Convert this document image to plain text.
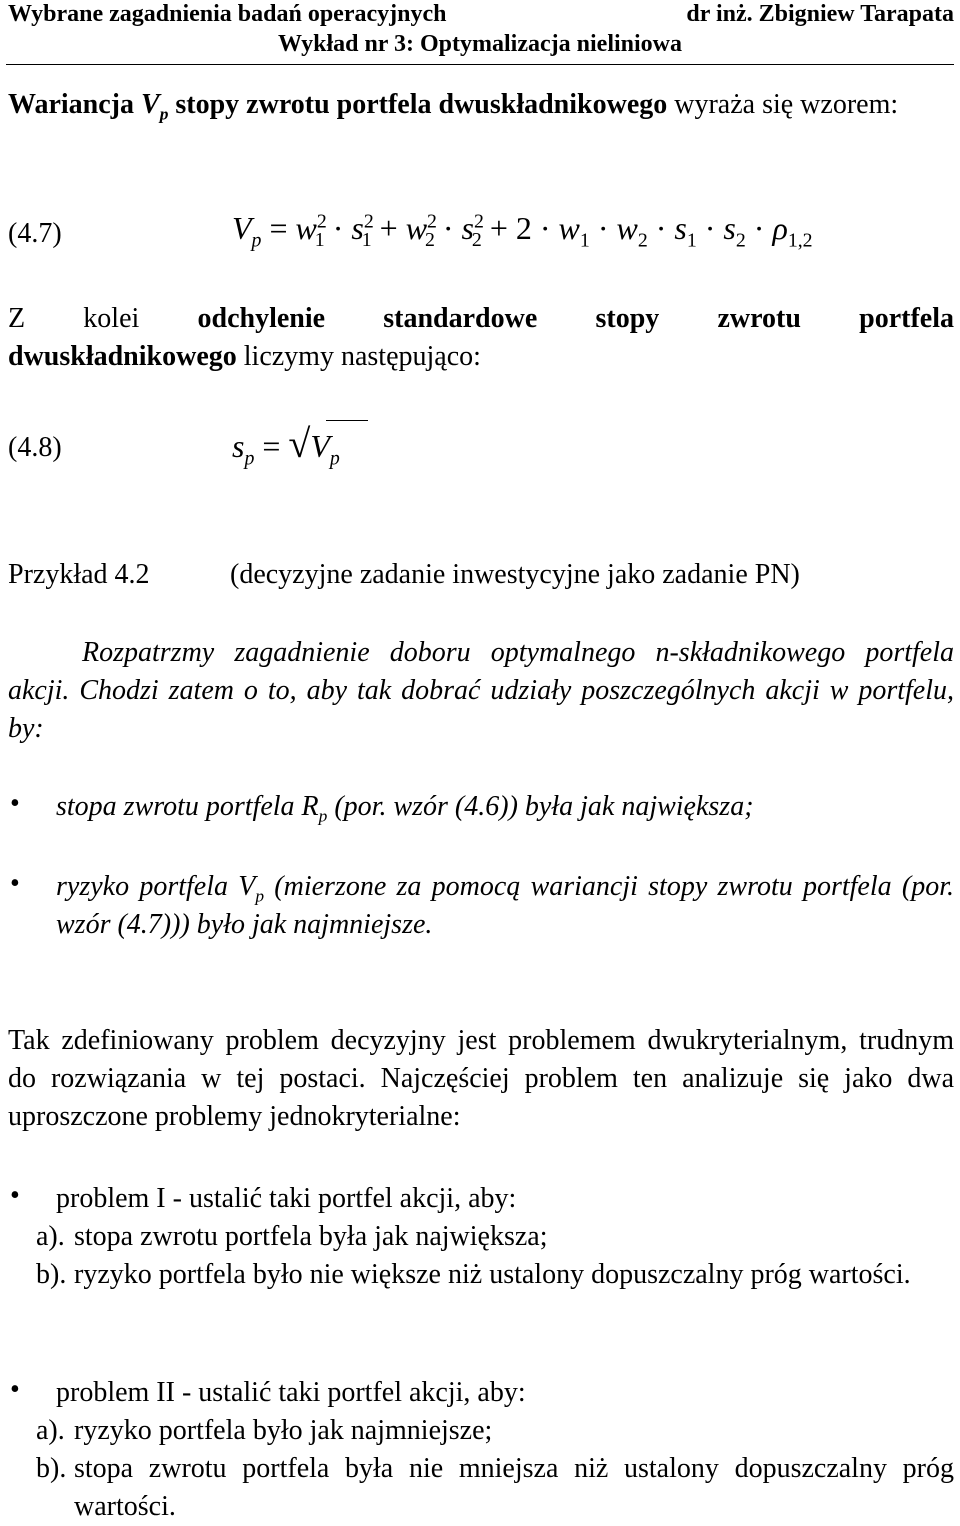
Wybrane zagadnienia badań operacyjnych	dr inż. Zbigniew Tarapata
Wykład nr 3: Optymalizacja nieliniowa
Wariancja $V_p$ stopy zwrotu portfela dwuskładnikowego wyraża się wzorem:
(4.7)	$V_p = w^2_1 \cdot s^2_1 + w^2_2 \cdot s^2_2 + 2 \cdot w_1 \cdot w_2 \cdot s_1 \cdot s_2 \cdot \rho_{1,2}$
Z kolei odchylenie standardowe stopy zwrotu portfela
dwuskładnikowego liczymy następująco:
(4.8)	$s_p = √V_p$
Przykład 4.2	(decyzyjne zadanie inwestycyjne jako zadanie PN)
Rozpatrzmy zagadnienie doboru optymalnego n-składnikowego portfela akcji. Chodzi zatem o to, aby tak dobrać udziały poszczególnych akcji w portfelu, by:
• stopa zwrotu portfela $R_p$ (por. wzór (4.6)) była jak największa;
• ryzyko portfela $V_p$ (mierzone za pomocą wariancji stopy zwrotu portfela (por. wzór (4.7))) było jak najmniejsze.
Tak zdefiniowany problem decyzyjny jest problemem dwukryterialnym, trudnym do rozwiązania w tej postaci. Najczęściej problem ten analizuje się jako dwa uproszczone problemy jednokryterialne:
• problem I - ustalić taki portfel akcji, aby:
a). stopa zwrotu portfela była jak największa;
b). ryzyko portfela było nie większe niż ustalony dopuszczalny próg wartości.
• problem II - ustalić taki portfel akcji, aby:
a). ryzyko portfela było jak najmniejsze;
b). stopa zwrotu portfela była nie mniejsza niż ustalony dopuszczalny próg wartości.
